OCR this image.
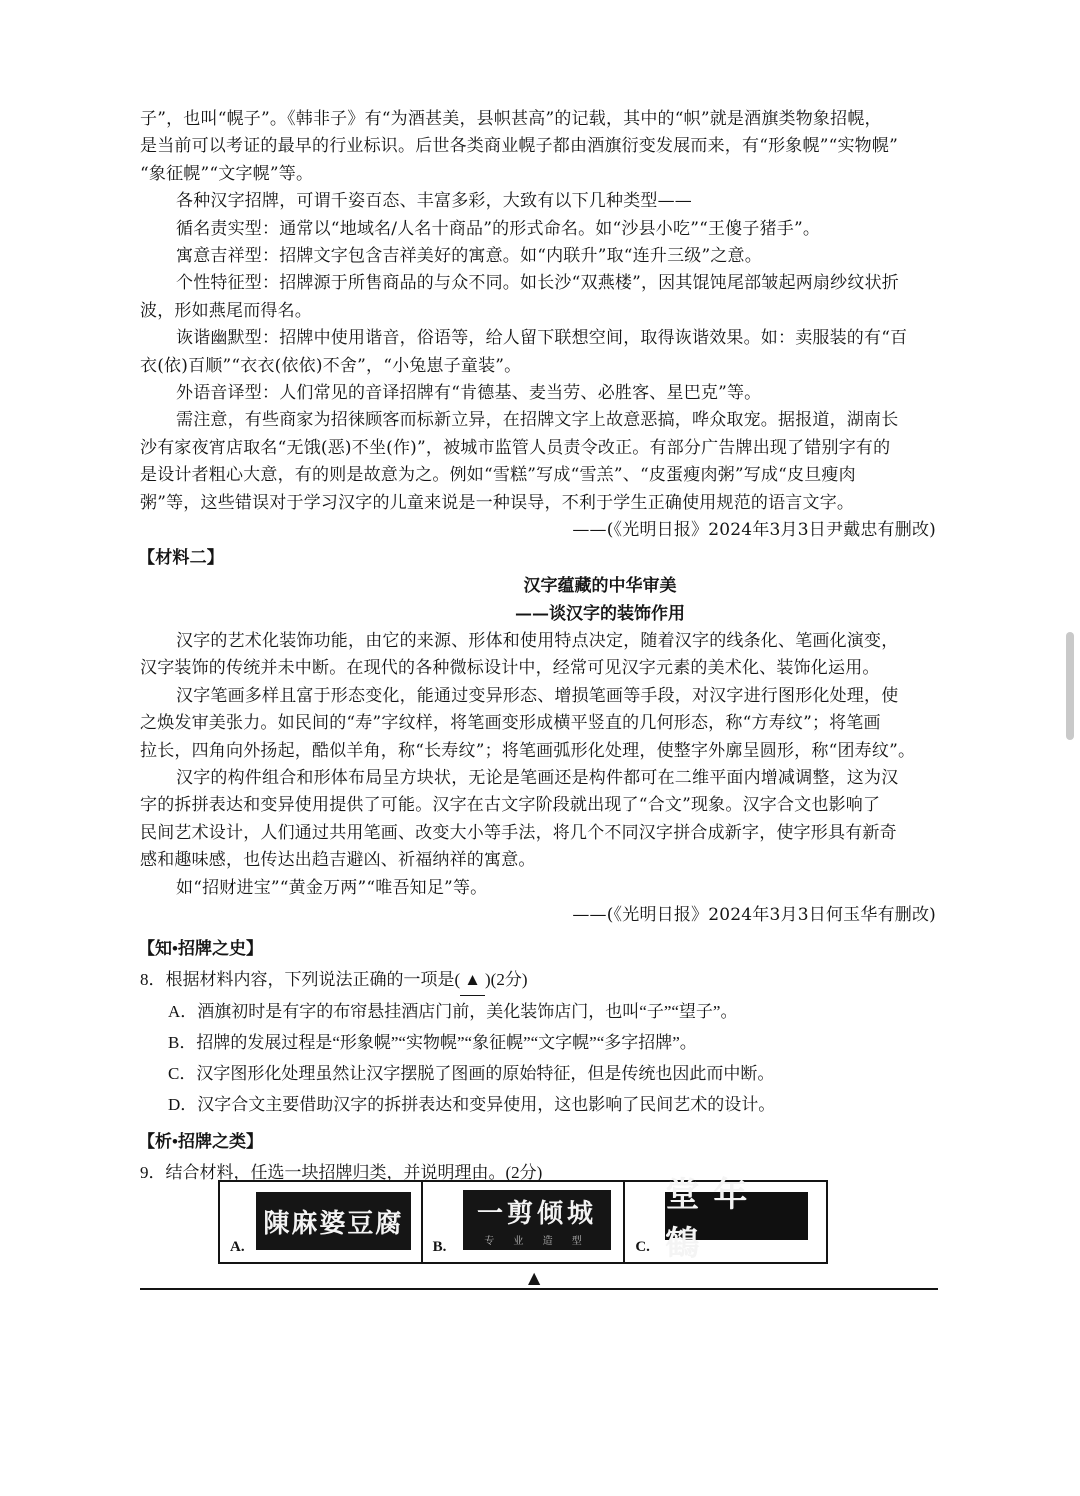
子”，也叫“幌子”。《韩非子》有“为酒甚美，县帜甚高”的记载，其中的“帜”就是酒旗类物象招幌，
是当前可以考证的最早的行业标识。后世各类商业幌子都由酒旗衍变发展而来，有“形象幌”“实物幌”
“象征幌”“文字幌”等。
各种汉字招牌，可谓千姿百态、丰富多彩，大致有以下几种类型——
循名责实型：通常以“地域名/人名十商品”的形式命名。如“沙县小吃”“王傻子猪手”。
寓意吉祥型：招牌文字包含吉祥美好的寓意。如“内联升”取“连升三级”之意。
个性特征型：招牌源于所售商品的与众不同。如长沙“双燕楼”，因其馄饨尾部皱起两扇纱纹状折
波，形如燕尾而得名。
诙谐幽默型：招牌中使用谐音，俗语等，给人留下联想空间，取得诙谐效果。如：卖服装的有“百
衣(依)百顺”“衣衣(依依)不舍”，“小兔崽子童装”。
外语音译型：人们常见的音译招牌有“肯德基、麦当劳、必胜客、星巴克”等。
需注意，有些商家为招徕顾客而标新立异，在招牌文字上故意恶搞，哗众取宠。据报道，湖南长
沙有家夜宵店取名“无饿(恶)不坐(作)”，被城市监管人员责令改正。有部分广告牌出现了错别字有的
是设计者粗心大意，有的则是故意为之。例如“雪糕”写成“雪羔”、“皮蛋瘦肉粥”写成“皮旦瘦肉
粥”等，这些错误对于学习汉字的儿童来说是一种误导，不利于学生正确使用规范的语言文字。
——(《光明日报》2024年3月3日尹戴忠有删改)
【材料二】
汉字蕴藏的中华审美
——谈汉字的装饰作用
汉字的艺术化装饰功能，由它的来源、形体和使用特点决定，随着汉字的线条化、笔画化演变，
汉字装饰的传统并未中断。在现代的各种微标设计中，经常可见汉字元素的美术化、装饰化运用。
汉字笔画多样且富于形态变化，能通过变异形态、增损笔画等手段，对汉字进行图形化处理，使
之焕发审美张力。如民间的“寿”字纹样，将笔画变形成横平竖直的几何形态，称“方寿纹”；将笔画
拉长，四角向外扬起，酷似羊角，称“长寿纹”；将笔画弧形化处理，使整字外廓呈圆形，称“团寿纹”。
汉字的构件组合和形体布局呈方块状，无论是笔画还是构件都可在二维平面内增减调整，这为汉
字的拆拼表达和变异使用提供了可能。汉字在古文字阶段就出现了“合文”现象。汉字合文也影响了
民间艺术设计，人们通过共用笔画、改变大小等手法，将几个不同汉字拼合成新字，使字形具有新奇
感和趣味感，也传达出趋吉避凶、祈福纳祥的寓意。
如“招财进宝”“黄金万两”“唯吾知足”等。
——(《光明日报》2024年3月3日何玉华有删改)
【知•招牌之史】
8．根据材料内容，下列说法正确的一项是( ▲ )(2分)
A．酒旗初时是有字的布帘悬挂酒店门前，美化装饰店门，也叫“子”“望子”。
B．招牌的发展过程是“形象幌”“实物幌”“象征幌”“文字幌”“多字招牌”。
C．汉字图形化处理虽然让汉字摆脱了图画的原始特征，但是传统也因此而中断。
D．汉字合文主要借助汉字的拆拼表达和变异使用，这也影响了民间艺术的设计。
【析•招牌之类】
9．结合材料，任选一块招牌归类，并说明理由。(2分)
陳麻婆豆腐
A.
一剪倾城
专 业 造 型
B.
堂年鶴
C.
▲
